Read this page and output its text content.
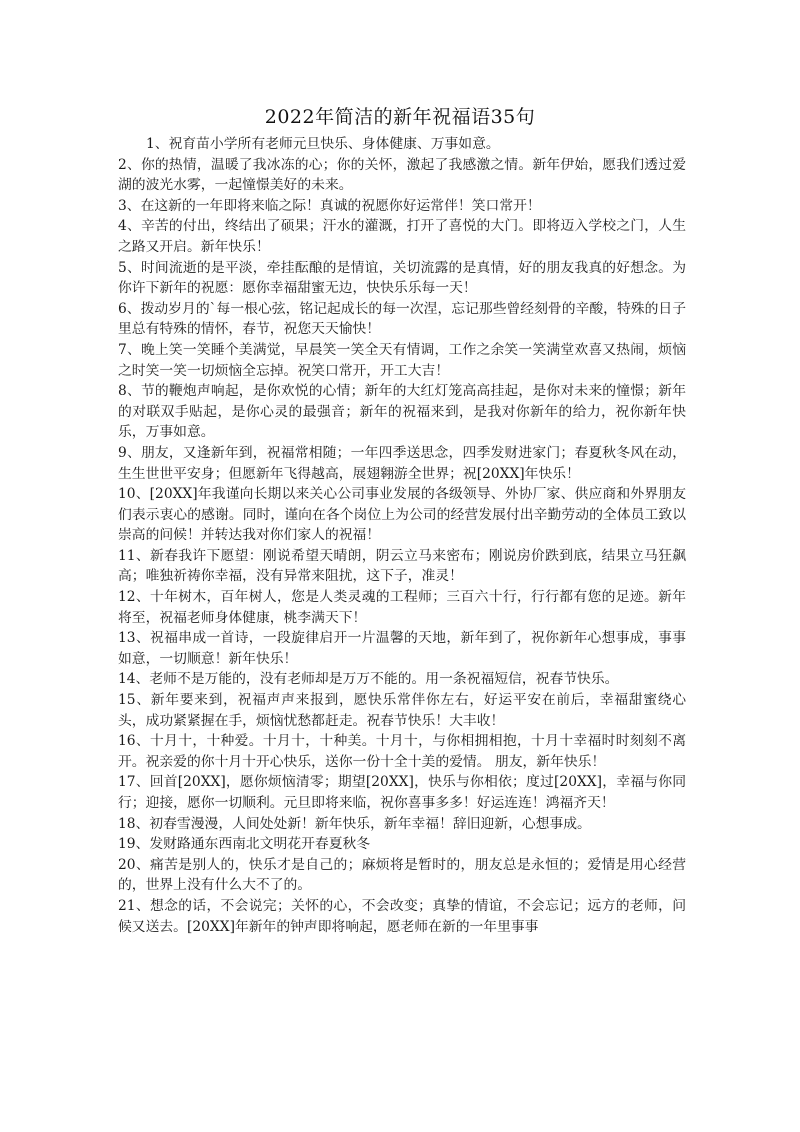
2022年简洁的新年祝福语35句

1、祝育苗小学所有老师元旦快乐、身体健康、万事如意。

2、你的热情，温暖了我冰冻的心；你的关怀，激起了我感激之情。新年伊始，愿我们透过爱湖的波光水雾，一起憧憬美好的未来。

3、在这新的一年即将来临之际！真诚的祝愿你好运常伴！笑口常开！

4、辛苦的付出，终结出了硕果；汗水的灌溉，打开了喜悦的大门。即将迈入学校之门，人生之路又开启。新年快乐！

5、时间流逝的是平淡，牵挂酝酿的是情谊，关切流露的是真情，好的朋友我真的好想念。为你许下新年的祝愿：愿你幸福甜蜜无边，快快乐乐每一天！

6、拨动岁月的`每一根心弦，铭记起成长的每一次涅，忘记那些曾经刻骨的辛酸，特殊的日子里总有特殊的情怀，春节，祝您天天愉快！

7、晚上笑一笑睡个美满觉，早晨笑一笑全天有情调，工作之余笑一笑满堂欢喜又热闹，烦恼之时笑一笑一切烦恼全忘掉。祝笑口常开，开工大吉！

8、节的鞭炮声响起，是你欢悦的心情；新年的大红灯笼高高挂起，是你对未来的憧憬；新年的对联双手贴起，是你心灵的最强音；新年的祝福来到，是我对你新年的给力，祝你新年快乐，万事如意。

9、朋友，又逢新年到，祝福常相随；一年四季送思念，四季发财进家门；春夏秋冬风在动，生生世世平安身；但愿新年飞得越高，展翅翱游全世界；祝[20XX]年快乐！

10、[20XX]年我谨向长期以来关心公司事业发展的各级领导、外协厂家、供应商和外界朋友们表示衷心的感谢。同时，谨向在各个岗位上为公司的经营发展付出辛勤劳动的全体员工致以崇高的问候！并转达我对你们家人的祝福！

11、新春我许下愿望：刚说希望天晴朗，阴云立马来密布；刚说房价跌到底，结果立马狂飙高；唯独祈祷你幸福，没有异常来阻扰，这下子，准灵！

12、十年树木，百年树人，您是人类灵魂的工程师；三百六十行，行行都有您的足迹。新年将至，祝福老师身体健康，桃李满天下！

13、祝福串成一首诗，一段旋律启开一片温馨的天地，新年到了，祝你新年心想事成，事事如意，一切顺意！新年快乐！

14、老师不是万能的，没有老师却是万万不能的。用一条祝福短信，祝春节快乐。

15、新年要来到，祝福声声来报到，愿快乐常伴你左右，好运平安在前后，幸福甜蜜绕心头，成功紧紧握在手，烦恼忧愁都赶走。祝春节快乐！大丰收！

16、十月十，十种爱。十月十，十种美。十月十，与你相拥相抱，十月十幸福时时刻刻不离开。祝亲爱的你十月十开心快乐，送你一份十全十美的爱情。 朋友，新年快乐！

17、回首[20XX]，愿你烦恼清零；期望[20XX]，快乐与你相依；度过[20XX]，幸福与你同行；迎接，愿你一切顺利。元旦即将来临，祝你喜事多多！好运连连！鸿福齐天！

18、初春雪漫漫，人间处处新！新年快乐，新年幸福！辞旧迎新，心想事成。

19、发财路通东西南北文明花开春夏秋冬

20、痛苦是别人的，快乐才是自己的；麻烦将是暂时的，朋友总是永恒的；爱情是用心经营的，世界上没有什么大不了的。

21、想念的话，不会说完；关怀的心，不会改变；真挚的情谊，不会忘记；远方的老师，问候又送去。[20XX]年新年的钟声即将响起，愿老师在新的一年里事事
